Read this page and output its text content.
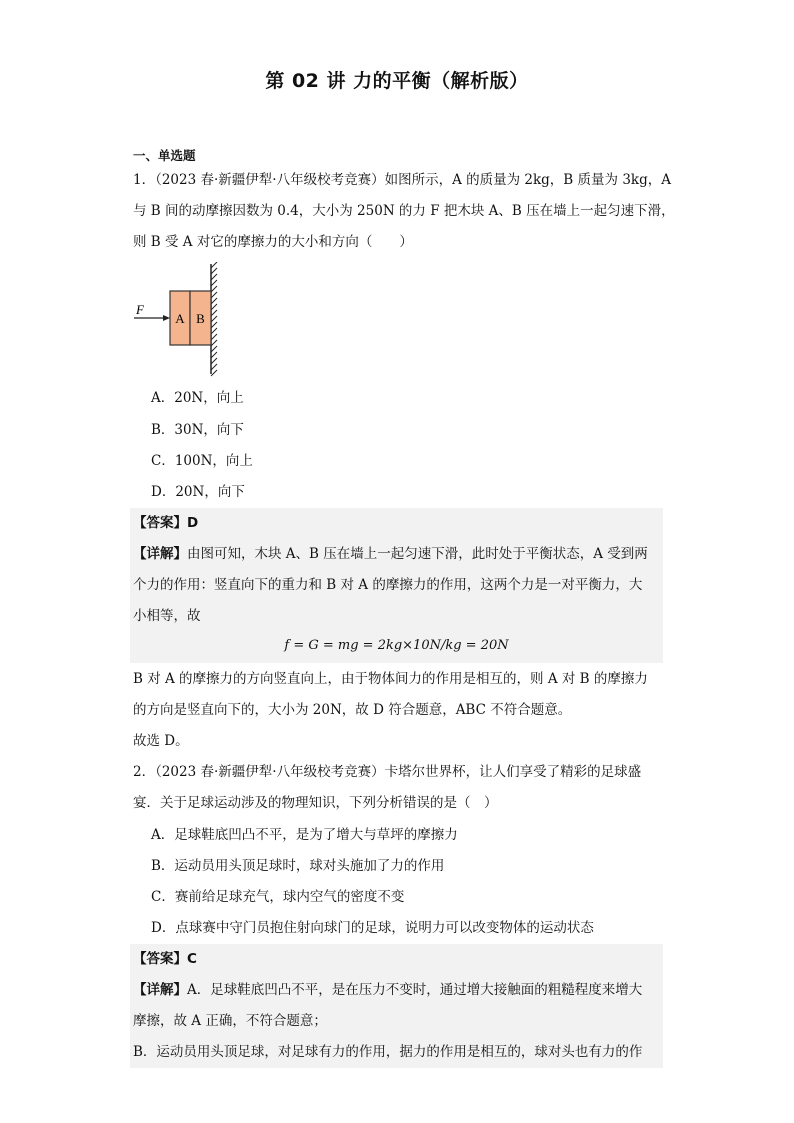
第 02 讲 力的平衡（解析版）
一、单选题
1．（2023 春·新疆伊犁·八年级校考竞赛）如图所示，A 的质量为 2kg，B 质量为 3kg，A
与 B 间的动摩擦因数为 0.4，大小为 250N 的力 F 把木块 A、B 压在墙上一起匀速下滑，
则 B 受 A 对它的摩擦力的大小和方向（　　）
A B
F
A．20N，向上
B．30N，向下
C．100N，向上
D．20N，向下
【答案】D
【详解】由图可知，木块 A、B 压在墙上一起匀速下滑，此时处于平衡状态，A 受到两
个力的作用：竖直向下的重力和 B 对 A 的摩擦力的作用，这两个力是一对平衡力，大
小相等，故
f = G = mg = 2kg×10N/kg = 20N
B 对 A 的摩擦力的方向竖直向上，由于物体间力的作用是相互的，则 A 对 B 的摩擦力
的方向是竖直向下的，大小为 20N，故 D 符合题意，ABC 不符合题意。
故选 D。
2．（2023 春·新疆伊犁·八年级校考竞赛）卡塔尔世界杯，让人们享受了精彩的足球盛
宴．关于足球运动涉及的物理知识，下列分析错误的是（　）
A．足球鞋底凹凸不平，是为了增大与草坪的摩擦力
B．运动员用头顶足球时，球对头施加了力的作用
C．赛前给足球充气，球内空气的密度不变
D．点球赛中守门员抱住射向球门的足球，说明力可以改变物体的运动状态
【答案】C
【详解】A．足球鞋底凹凸不平，是在压力不变时，通过增大接触面的粗糙程度来增大
摩擦，故 A 正确，不符合题意；
B．运动员用头顶足球，对足球有力的作用，据力的作用是相互的，球对头也有力的作
